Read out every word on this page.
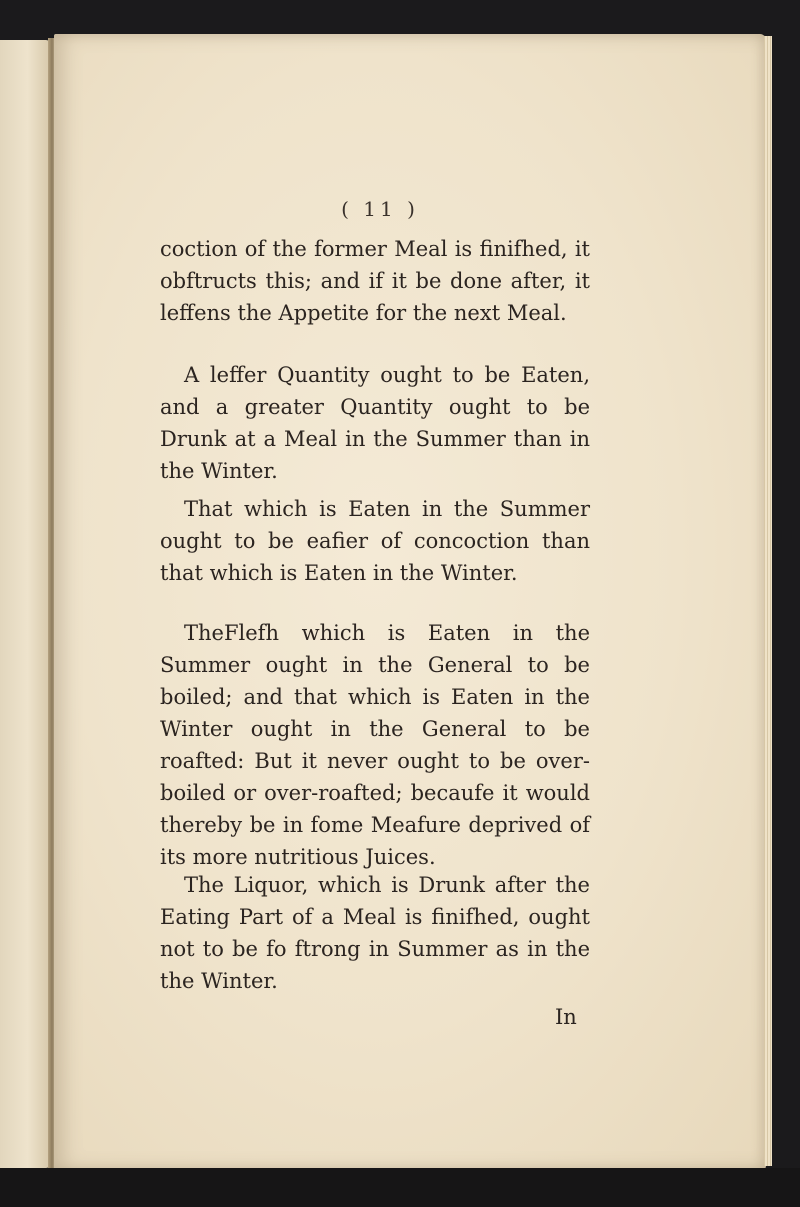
( 11 )
coction of the former Meal is finifhed, it obftructs this; and if it be done after, it leffens the Appetite for the next Meal.
A leffer Quantity ought to be Eaten, and a greater Quantity ought to be Drunk at a Meal in the Summer than in the Winter.
That which is Eaten in the Summer ought to be eafier of concoction than that which is Eaten in the Winter.
TheFlefh which is Eaten in the Summer ought in the General to be boiled; and that which is Eaten in the Winter ought in the General to be roafted: But it never ought to be over-boiled or over-roafted; becaufe it would thereby be in fome Meafure deprived of its more nutritious Juices.
The Liquor, which is Drunk after the Eating Part of a Meal is finifhed, ought not to be fo ftrong in Summer as in the the Winter.
In
